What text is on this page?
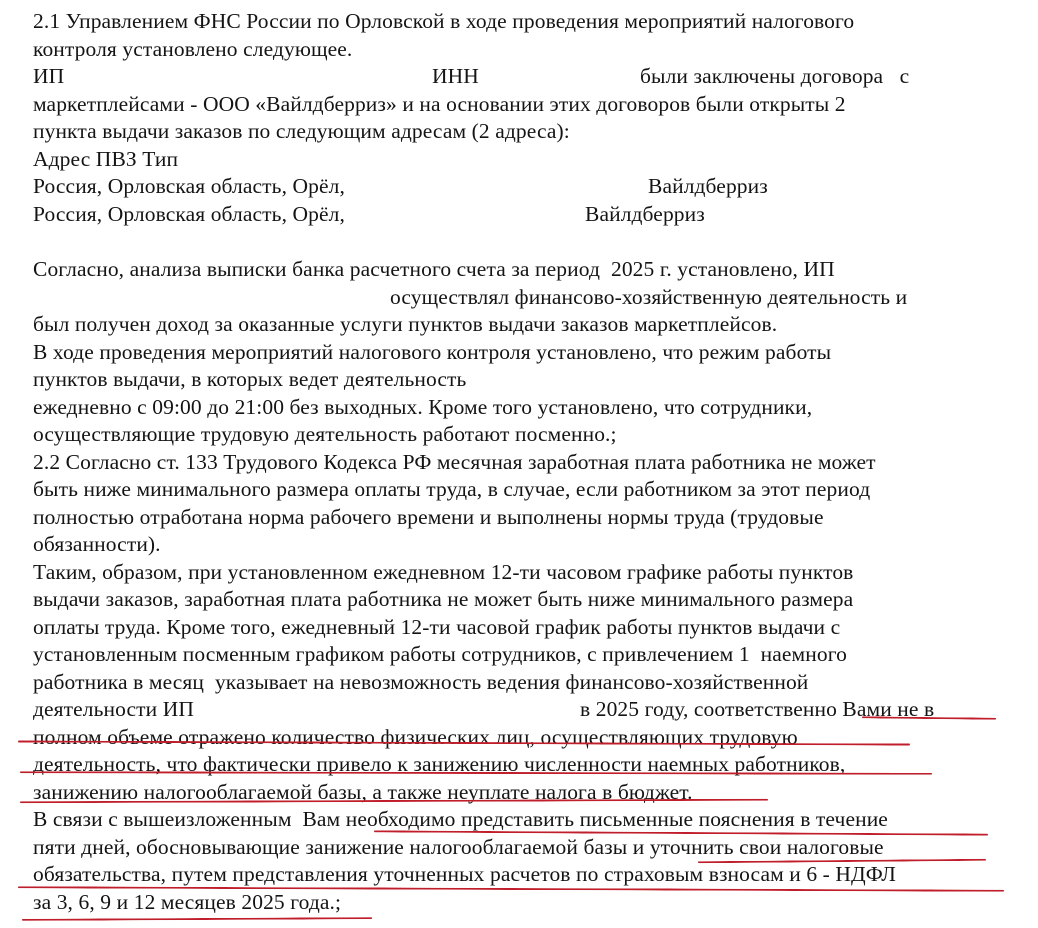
2.1 Управлением ФНС России по Орловской в ходе проведения мероприятий налогового
контроля установлено следующее.
ИП	ИНН	были заключены договора   с
маркетплейсами - ООО «Вайлдберриз» и на основании этих договоров были открыты 2
пункта выдачи заказов по следующим адресам (2 адреса):
Адрес ПВЗ Тип
Россия, Орловская область, Орёл,	Вайлдберриз
Россия, Орловская область, Орёл,	Вайлдберриз
Согласно, анализа выписки банка расчетного счета за период  2025 г. установлено, ИП
осуществлял финансово-хозяйственную деятельность и
был получен доход за оказанные услуги пунктов выдачи заказов маркетплейсов.
В ходе проведения мероприятий налогового контроля установлено, что режим работы
пунктов выдачи, в которых ведет деятельность
ежедневно с 09:00 до 21:00 без выходных. Кроме того установлено, что сотрудники,
осуществляющие трудовую деятельность работают посменно.;
2.2 Согласно ст. 133 Трудового Кодекса РФ месячная заработная плата работника не может
быть ниже минимального размера оплаты труда, в случае, если работником за этот период
полностью отработана норма рабочего времени и выполнены нормы труда (трудовые
обязанности).
Таким, образом, при установленном ежедневном 12-ти часовом графике работы пунктов
выдачи заказов, заработная плата работника не может быть ниже минимального размера
оплаты труда. Кроме того, ежедневный 12-ти часовой график работы пунктов выдачи с
установленным посменным графиком работы сотрудников, с привлечением 1  наемного
работника в месяц  указывает на невозможность ведения финансово-хозяйственной
деятельности ИП	в 2025 году, соответственно Вами не в
полном объеме отражено количество физических лиц, осуществляющих трудовую
деятельность, что фактически привело к занижению численности наемных работников,
занижению налогооблагаемой базы, а также неуплате налога в бюджет.
В связи с вышеизложенным  Вам необходимо представить письменные пояснения в течение
пяти дней, обосновывающие занижение налогооблагаемой базы и уточнить свои налоговые
обязательства, путем представления уточненных расчетов по страховым взносам и 6 - НДФЛ
за 3, 6, 9 и 12 месяцев 2025 года.;
